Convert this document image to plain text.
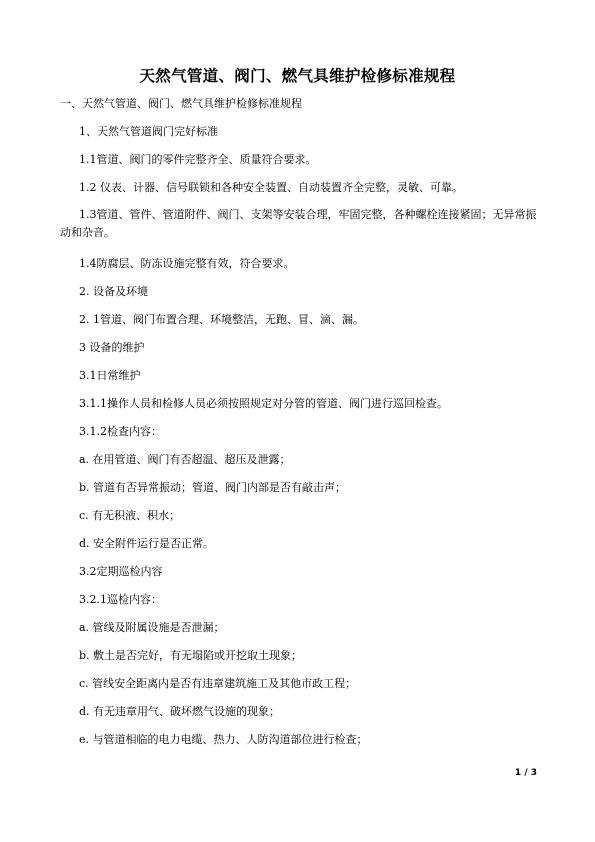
天然气管道、阀门、燃气具维护检修标准规程
一、天然气管道、阀门、燃气具维护检修标准规程
1、天然气管道阀门完好标准
1.1管道、阀门的零件完整齐全、质量符合要求。
1.2 仪表、计器、信号联锁和各种安全装置、自动装置齐全完整，灵敏、可靠。
1.3管道、管件、管道附件、阀门、支架等安装合理，牢固完整，各种螺栓连接紧固；无异常振动和杂音。
1.4防腐层、防冻设施完整有效，符合要求。
2. 设备及环境
2. 1管道、阀门布置合理、环境整洁，无跑、冒、滴、漏。
3 设备的维护
3.1日常维护
3.1.1操作人员和检修人员必须按照规定对分管的管道、阀门进行巡回检查。
3.1.2检查内容：
a. 在用管道、阀门有否超温、超压及泄露；
b. 管道有否异常振动；管道、阀门内部是否有敲击声；
c. 有无积液、积水；
d. 安全附件运行是否正常。
3.2定期巡检内容
3.2.1巡检内容：
a. 管线及附属设施是否泄漏；
b. 敷土是否完好，有无塌陷或开挖取土现象；
c. 管线安全距离内是否有违章建筑施工及其他市政工程；
d. 有无违章用气、破坏燃气设施的现象；
e. 与管道相临的电力电缆、热力、人防沟道部位进行检查；
1 / 3
